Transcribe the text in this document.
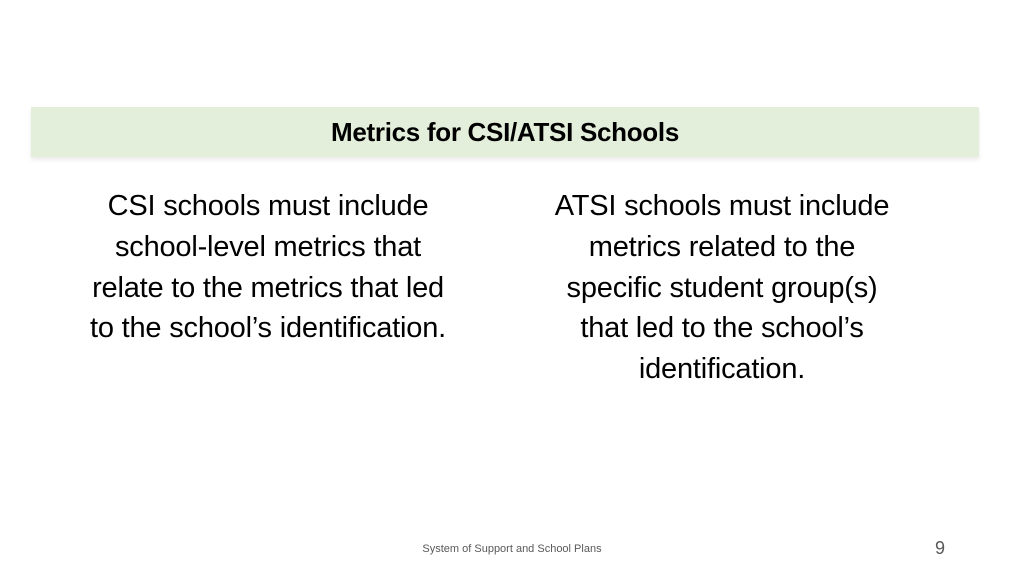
Metrics for CSI/ATSI Schools
CSI schools must include school-level metrics that relate to the metrics that led to the school’s identification.
ATSI schools must include metrics related to the specific student group(s) that led to the school’s identification.
System of Support and School Plans	9
